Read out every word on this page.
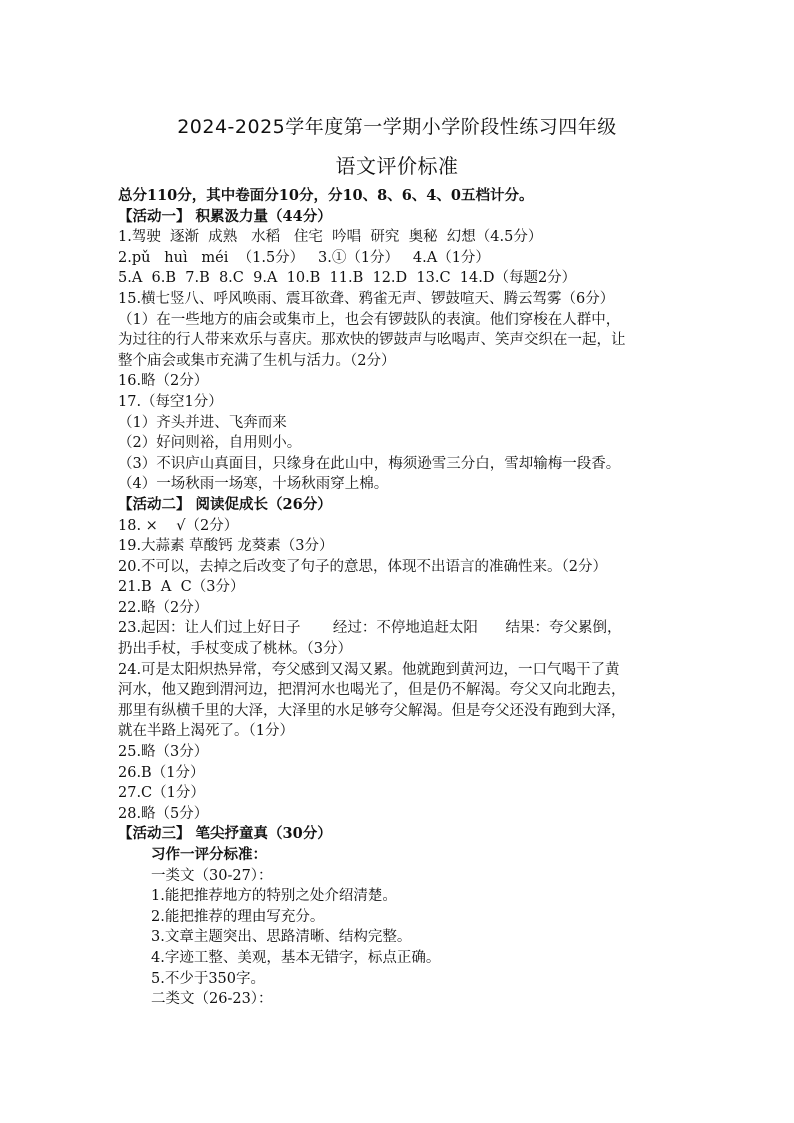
2024-2025学年度第一学期小学阶段性练习四年级
语文评价标准
总分110分，其中卷面分10分，分10、8、6、4、0五档计分。
【活动一】 积累汲力量（44分）
1.驾驶  逐渐  成熟   水稻   住宅  吟唱  研究  奥秘  幻想（4.5分）
2.pǔ   huì   méi  （1.5分）   3.①（1分）   4.A（1分）
5.A  6.B  7.B  8.C  9.A  10.B  11.B  12.D  13.C  14.D（每题2分）
15.横七竖八、呼风唤雨、震耳欲聋、鸦雀无声、锣鼓喧天、腾云驾雾（6分）
（1）在一些地方的庙会或集市上，也会有锣鼓队的表演。他们穿梭在人群中，
为过往的行人带来欢乐与喜庆。那欢快的锣鼓声与吆喝声、笑声交织在一起，让
整个庙会或集市充满了生机与活力。（2分）
16.略（2分）
17.（每空1分）
（1）齐头并进、飞奔而来
（2）好问则裕，自用则小。
（3）不识庐山真面目，只缘身在此山中，梅须逊雪三分白，雪却输梅一段香。
（4）一场秋雨一场寒，十场秋雨穿上棉。
【活动二】 阅读促成长（26分）
18. ×    √（2分）
19.大蒜素 草酸钙 龙葵素（3分）
20.不可以，去掉之后改变了句子的意思，体现不出语言的准确性来。（2分）
21.B  A  C（3分）
22.略（2分）
23.起因：让人们过上好日子       经过：不停地追赶太阳      结果：夸父累倒，
扔出手杖，手杖变成了桃林。（3分）
24.可是太阳炽热异常，夸父感到又渴又累。他就跑到黄河边，一口气喝干了黄
河水，他又跑到渭河边，把渭河水也喝光了，但是仍不解渴。夸父又向北跑去，
那里有纵横千里的大泽，大泽里的水足够夸父解渴。但是夸父还没有跑到大泽，
就在半路上渴死了。（1分）
25.略（3分）
26.B（1分）
27.C（1分）
28.略（5分）
【活动三】 笔尖抒童真（30分）
习作一评分标准：
一类文（30-27）：
1.能把推荐地方的特别之处介绍清楚。
2.能把推荐的理由写充分。
3.文章主题突出、思路清晰、结构完整。
4.字迹工整、美观，基本无错字，标点正确。
5.不少于350字。
二类文（26-23）：
